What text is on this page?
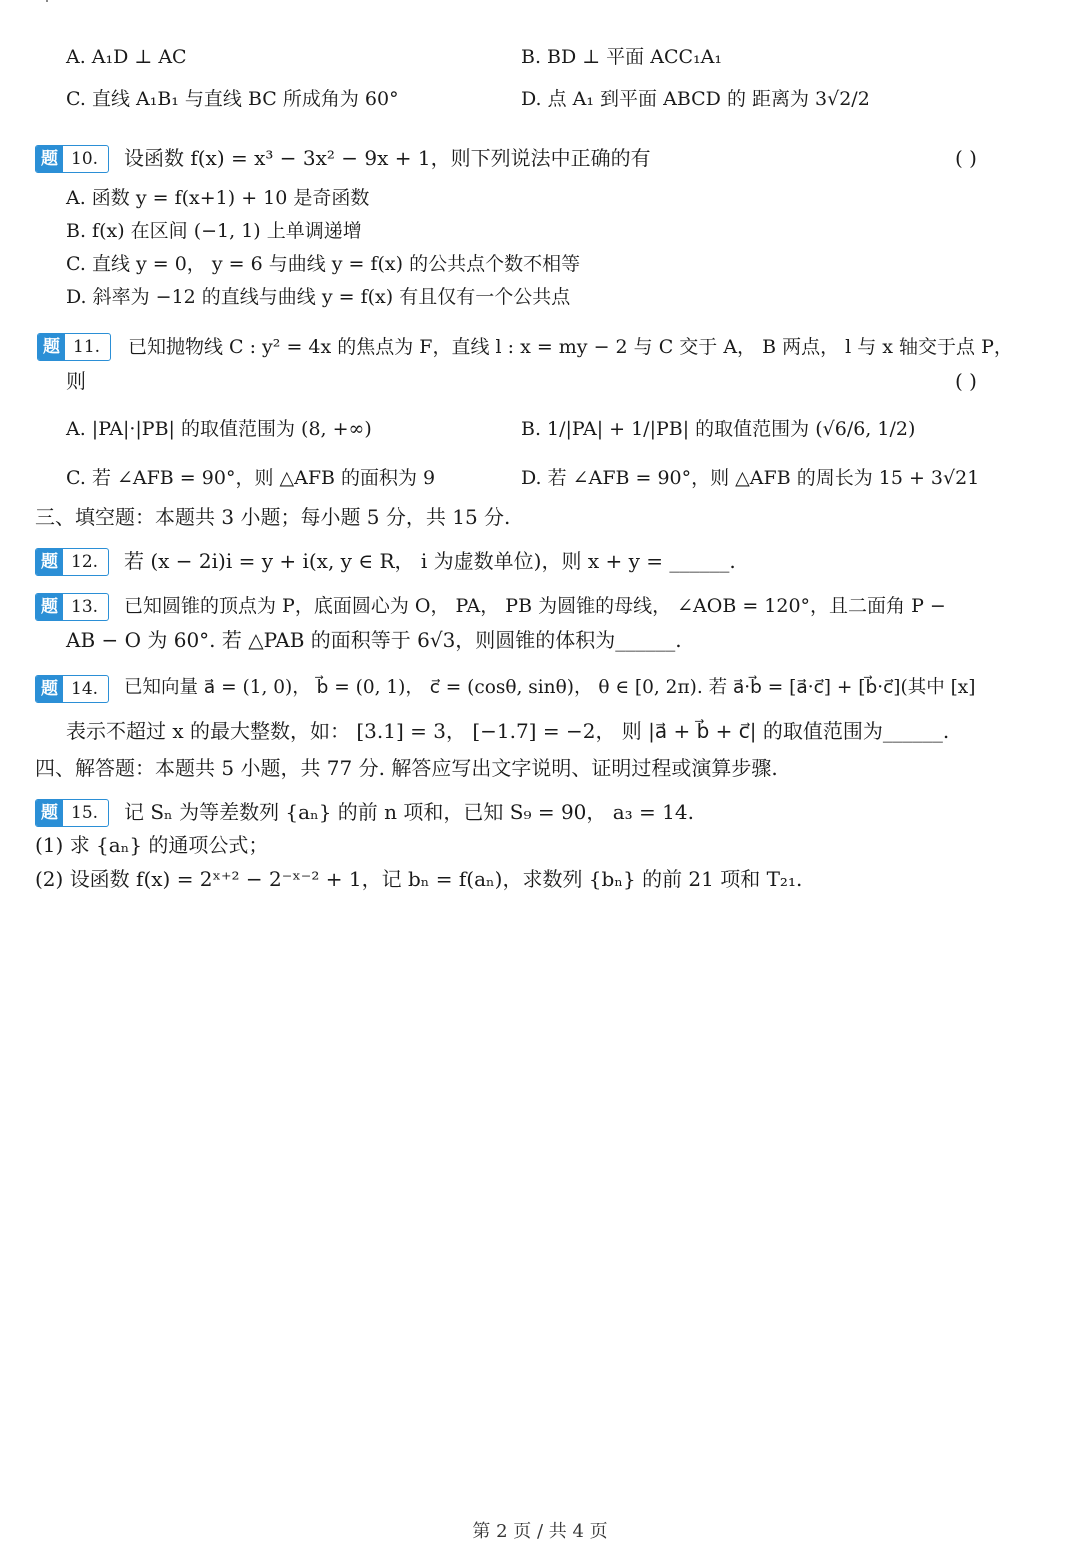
A. A₁D ⊥ AC	B. BD ⊥ 平面 ACC₁A₁
C. 直线 A₁B₁ 与直线 BC 所成角为 60°	D. 点 A₁ 到平面 ABCD 的 距离为 3√2/2
题 10.	设函数 f(x) = x³ − 3x² − 9x + 1，则下列说法中正确的有	( )
A. 函数 y = f(x+1) + 10 是奇函数
B. f(x) 在区间 (−1, 1) 上单调递增
C. 直线 y = 0， y = 6 与曲线 y = f(x) 的公共点个数不相等
D. 斜率为 −12 的直线与曲线 y = f(x) 有且仅有一个公共点
题 11.	已知抛物线 C : y² = 4x 的焦点为 F，直线 l : x = my − 2 与 C 交于 A， B 两点， l 与 x 轴交于点 P，
则	( )
A. |PA|·|PB| 的取值范围为 (8, +∞)	B. 1/|PA| + 1/|PB| 的取值范围为 (√6/6, 1/2)
C. 若 ∠AFB = 90°，则 △AFB 的面积为 9	D. 若 ∠AFB = 90°，则 △AFB 的周长为 15 + 3√21
三、填空题：本题共 3 小题；每小题 5 分，共 15 分.
题 12.	若 (x − 2i)i = y + i(x, y ∈ R， i 为虚数单位)，则 x + y = ______.
题 13.	已知圆锥的顶点为 P，底面圆心为 O， PA， PB 为圆锥的母线， ∠AOB = 120°，且二面角 P −
AB − O 为 60°. 若 △PAB 的面积等于 6√3，则圆锥的体积为______.
题 14.	已知向量 a⃗ = (1, 0)， b⃗ = (0, 1)， c⃗ = (cosθ, sinθ)， θ ∈ [0, 2π). 若 a⃗·b⃗ = [a⃗·c⃗] + [b⃗·c⃗](其中 [x]
表示不超过 x 的最大整数，如： [3.1] = 3， [−1.7] = −2， 则 |a⃗ + b⃗ + c⃗| 的取值范围为______.
四、解答题：本题共 5 小题，共 77 分. 解答应写出文字说明、证明过程或演算步骤.
题 15.	记 Sₙ 为等差数列 {aₙ} 的前 n 项和，已知 S₉ = 90， a₃ = 14.
(1) 求 {aₙ} 的通项公式；
(2) 设函数 f(x) = 2ˣ⁺² − 2⁻ˣ⁻² + 1，记 bₙ = f(aₙ)，求数列 {bₙ} 的前 21 项和 T₂₁.
第 2 页 / 共 4 页
